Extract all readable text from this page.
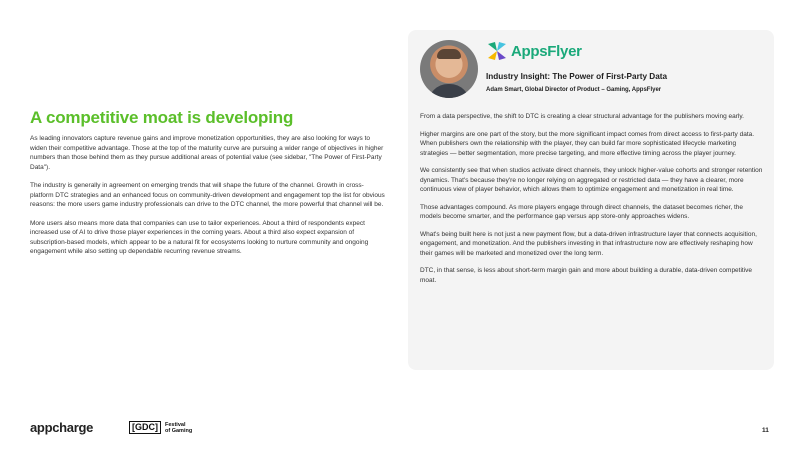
A competitive moat is developing

As leading innovators capture revenue gains and improve monetization opportunities, they are also looking for ways to widen their competitive advantage. Those at the top of the maturity curve are pursuing a wider range of objectives in higher numbers than those behind them as they pursue additional areas of potential value (see sidebar, "The Power of First-Party Data").

The industry is generally in agreement on emerging trends that will shape the future of the channel. Growth in cross-platform DTC strategies and an enhanced focus on community-driven development and engagement top the list for obvious reasons: the more users game industry professionals can drive to the DTC channel, the more powerful that channel will be.

More users also means more data that companies can use to tailor experiences. About a third of respondents expect increased use of AI to drive those player experiences in the coming years. About a third also expect expansion of subscription-based models, which appear to be a natural fit for ecosystems looking to nurture community and ongoing engagement while also setting up dependable recurring revenue streams.

AppsFlyer
Industry Insight: The Power of First-Party Data
Adam Smart, Global Director of Product – Gaming, AppsFlyer

From a data perspective, the shift to DTC is creating a clear structural advantage for the publishers moving early.

Higher margins are one part of the story, but the more significant impact comes from direct access to first-party data. When publishers own the relationship with the player, they can build far more sophisticated lifecycle marketing strategies — better segmentation, more precise targeting, and more effective timing across the player journey.

We consistently see that when studios activate direct channels, they unlock higher-value cohorts and stronger retention dynamics. That's because they're no longer relying on aggregated or restricted data — they have a clearer, more continuous view of player behavior, which allows them to optimize engagement and monetization in real time.

Those advantages compound. As more players engage through direct channels, the dataset becomes richer, the models become smarter, and the performance gap versus app store-only approaches widens.

What's being built here is not just a new payment flow, but a data-driven infrastructure layer that connects acquisition, engagement, and monetization. And the publishers investing in that infrastructure now are effectively reshaping how their games will be marketed and monetized over the long term.

DTC, in that sense, is less about short-term margin gain and more about building a durable, data-driven competitive moat.

appcharge	[GDC]	Festival
of Gaming	11
